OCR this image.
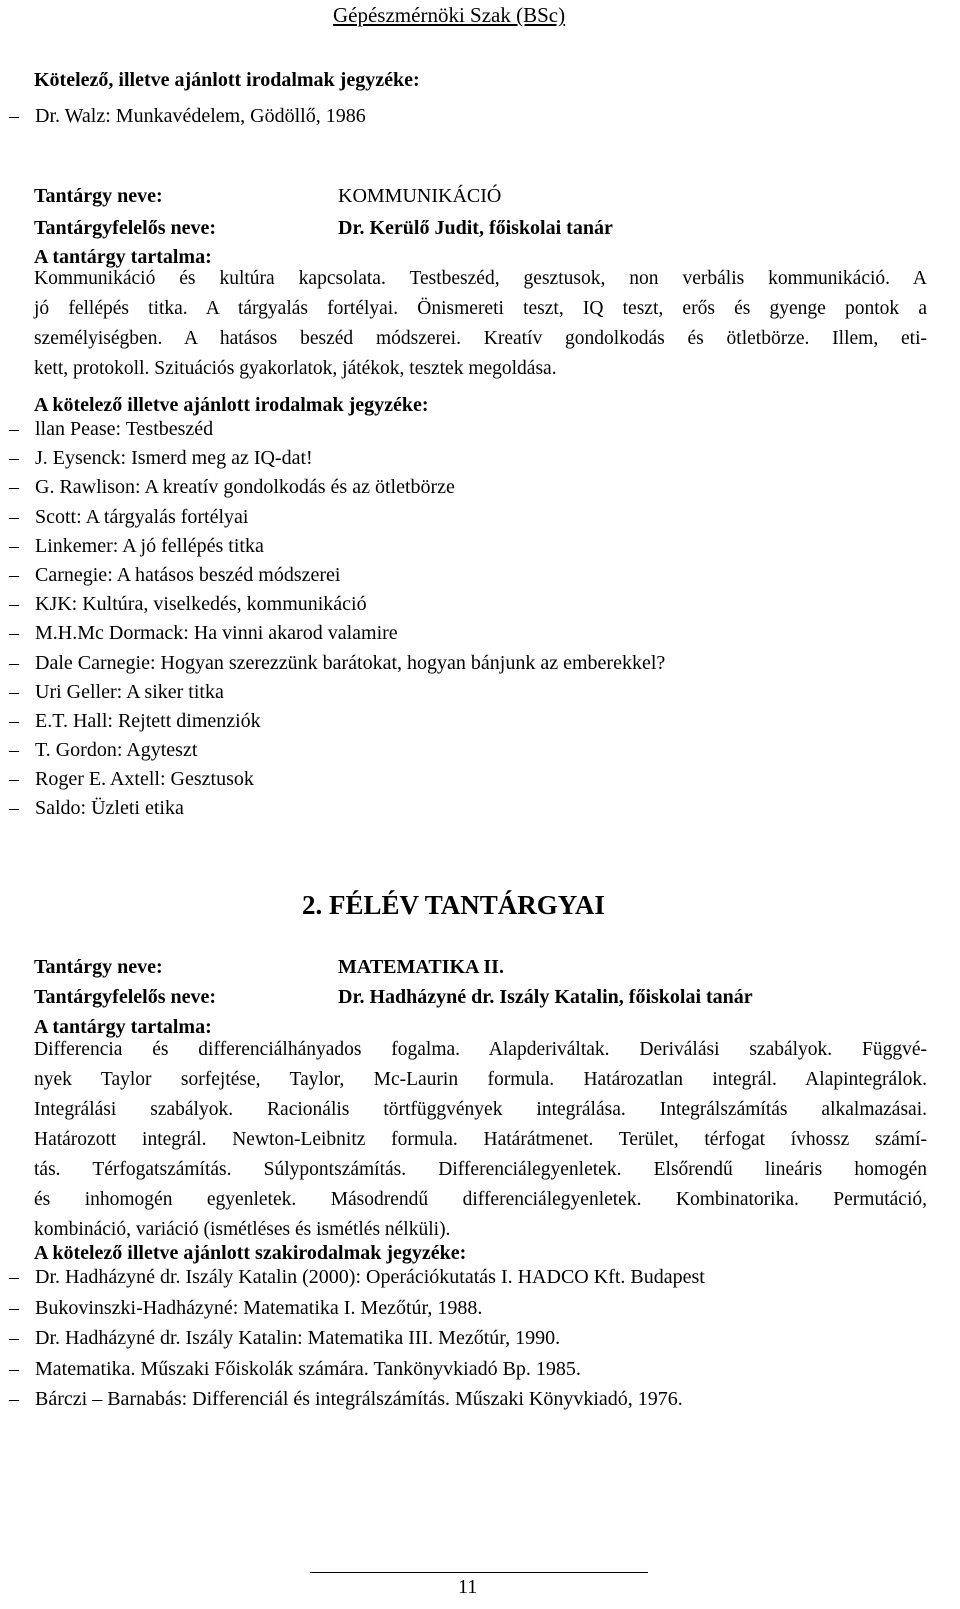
Gépészmérnöki Szak (BSc)
Kötelező, illetve ajánlott irodalmak jegyzéke:
– Dr. Walz: Munkavédelem, Gödöllő, 1986
Tantárgy neve:	KOMMUNIKÁCIÓ
Tantárgyfelelős neve:	Dr. Kerülő Judit, főiskolai tanár
A tantárgy tartalma:
Kommunikáció és kultúra kapcsolata. Testbeszéd, gesztusok, non verbális kommunikáció. A
jó fellépés titka. A tárgyalás fortélyai. Önismereti teszt, IQ teszt, erős és gyenge pontok a
személyiségben. A hatásos beszéd módszerei. Kreatív gondolkodás és ötletbörze. Illem, eti-
kett, protokoll. Szituációs gyakorlatok, játékok, tesztek megoldása.
A kötelező illetve ajánlott irodalmak jegyzéke:
– llan Pease: Testbeszéd
– J. Eysenck: Ismerd meg az IQ-dat!
– G. Rawlison: A kreatív gondolkodás és az ötletbörze
– Scott: A tárgyalás fortélyai
– Linkemer: A jó fellépés titka
– Carnegie: A hatásos beszéd módszerei
– KJK: Kultúra, viselkedés, kommunikáció
– M.H.Mc Dormack: Ha vinni akarod valamire
– Dale Carnegie: Hogyan szerezzünk barátokat, hogyan bánjunk az emberekkel?
– Uri Geller: A siker titka
– E.T. Hall: Rejtett dimenziók
– T. Gordon: Agyteszt
– Roger E. Axtell: Gesztusok
– Saldo: Üzleti etika
2. FÉLÉV TANTÁRGYAI
Tantárgy neve:	MATEMATIKA II.
Tantárgyfelelős neve:	Dr. Hadházyné dr. Iszály Katalin, főiskolai tanár
A tantárgy tartalma:
Differencia és differenciálhányados fogalma. Alapderiváltak. Deriválási szabályok. Függvé-
nyek Taylor sorfejtése, Taylor, Mc-Laurin formula. Határozatlan integrál. Alapintegrálok.
Integrálási szabályok. Racionális törtfüggvények integrálása. Integrálszámítás alkalmazásai.
Határozott integrál. Newton-Leibnitz formula. Határátmenet. Terület, térfogat ívhossz számí-
tás. Térfogatszámítás. Súlypontszámítás. Differenciálegyenletek. Elsőrendű lineáris homogén
és inhomogén egyenletek. Másodrendű differenciálegyenletek. Kombinatorika. Permutáció,
kombináció, variáció (ismétléses és ismétlés nélküli).
A kötelező illetve ajánlott szakirodalmak jegyzéke:
– Dr. Hadházyné dr. Iszály Katalin (2000): Operációkutatás I. HADCO Kft. Budapest
– Bukovinszki-Hadházyné: Matematika I. Mezőtúr, 1988.
– Dr. Hadházyné dr. Iszály Katalin: Matematika III. Mezőtúr, 1990.
– Matematika. Műszaki Főiskolák számára. Tankönyvkiadó Bp. 1985.
– Bárczi – Barnabás: Differenciál és integrálszámítás. Műszaki Könyvkiadó, 1976.
11
